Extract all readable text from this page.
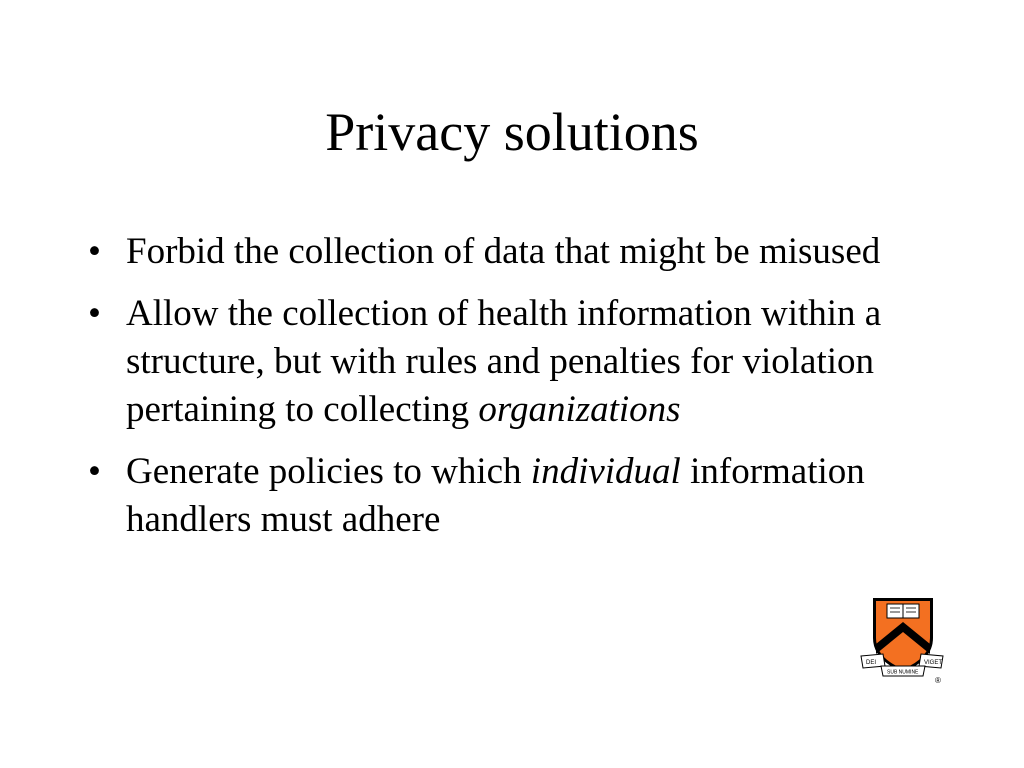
Privacy solutions
• Forbid the collection of data that might be misused
• Allow the collection of health information within a structure, but with rules and penalties for violation pertaining to collecting organizations
• Generate policies to which individual information handlers must adhere
DEI	VIGET
SUB NUMINE
®
